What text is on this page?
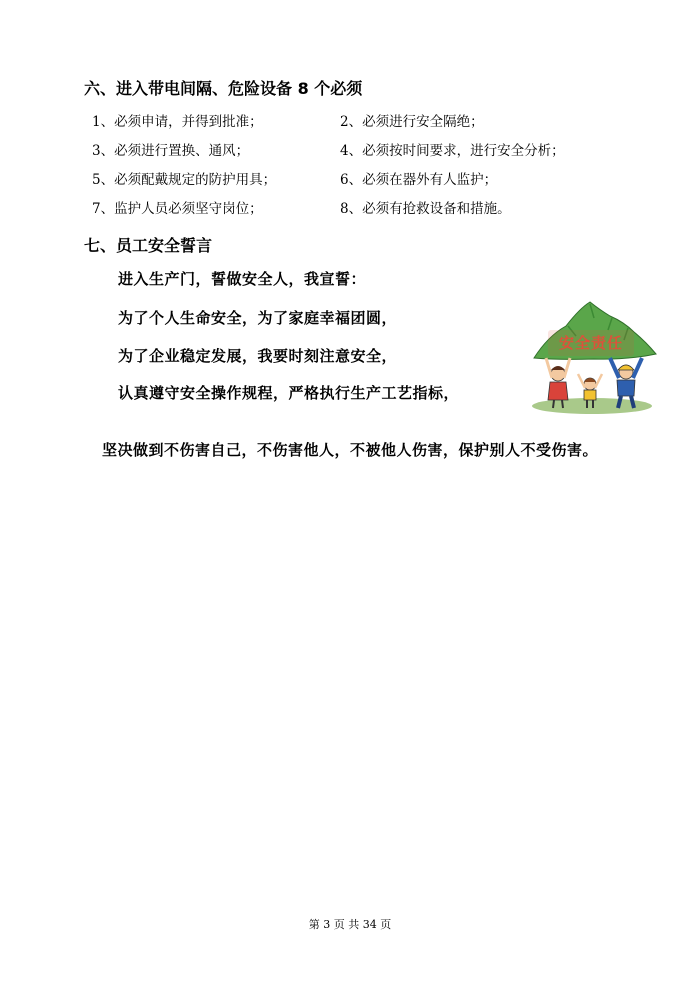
六、进入带电间隔、危险设备 8 个必须
1、必须申请，并得到批准；	2、必须进行安全隔绝；
3、必须进行置换、通风；	4、必须按时间要求，进行安全分析；
5、必须配戴规定的防护用具；	6、必须在器外有人监护；
7、监护人员必须坚守岗位；	8、必须有抢救设备和措施。
七、员工安全誓言
进入生产门，誓做安全人，我宣誓：
为了个人生命安全，为了家庭幸福团圆，
为了企业稳定发展，我要时刻注意安全，
认真遵守安全操作规程，严格执行生产工艺指标，
坚决做到不伤害自己，不伤害他人，不被他人伤害，保护别人不受伤害。
安全责任
第 3 页 共 34 页
